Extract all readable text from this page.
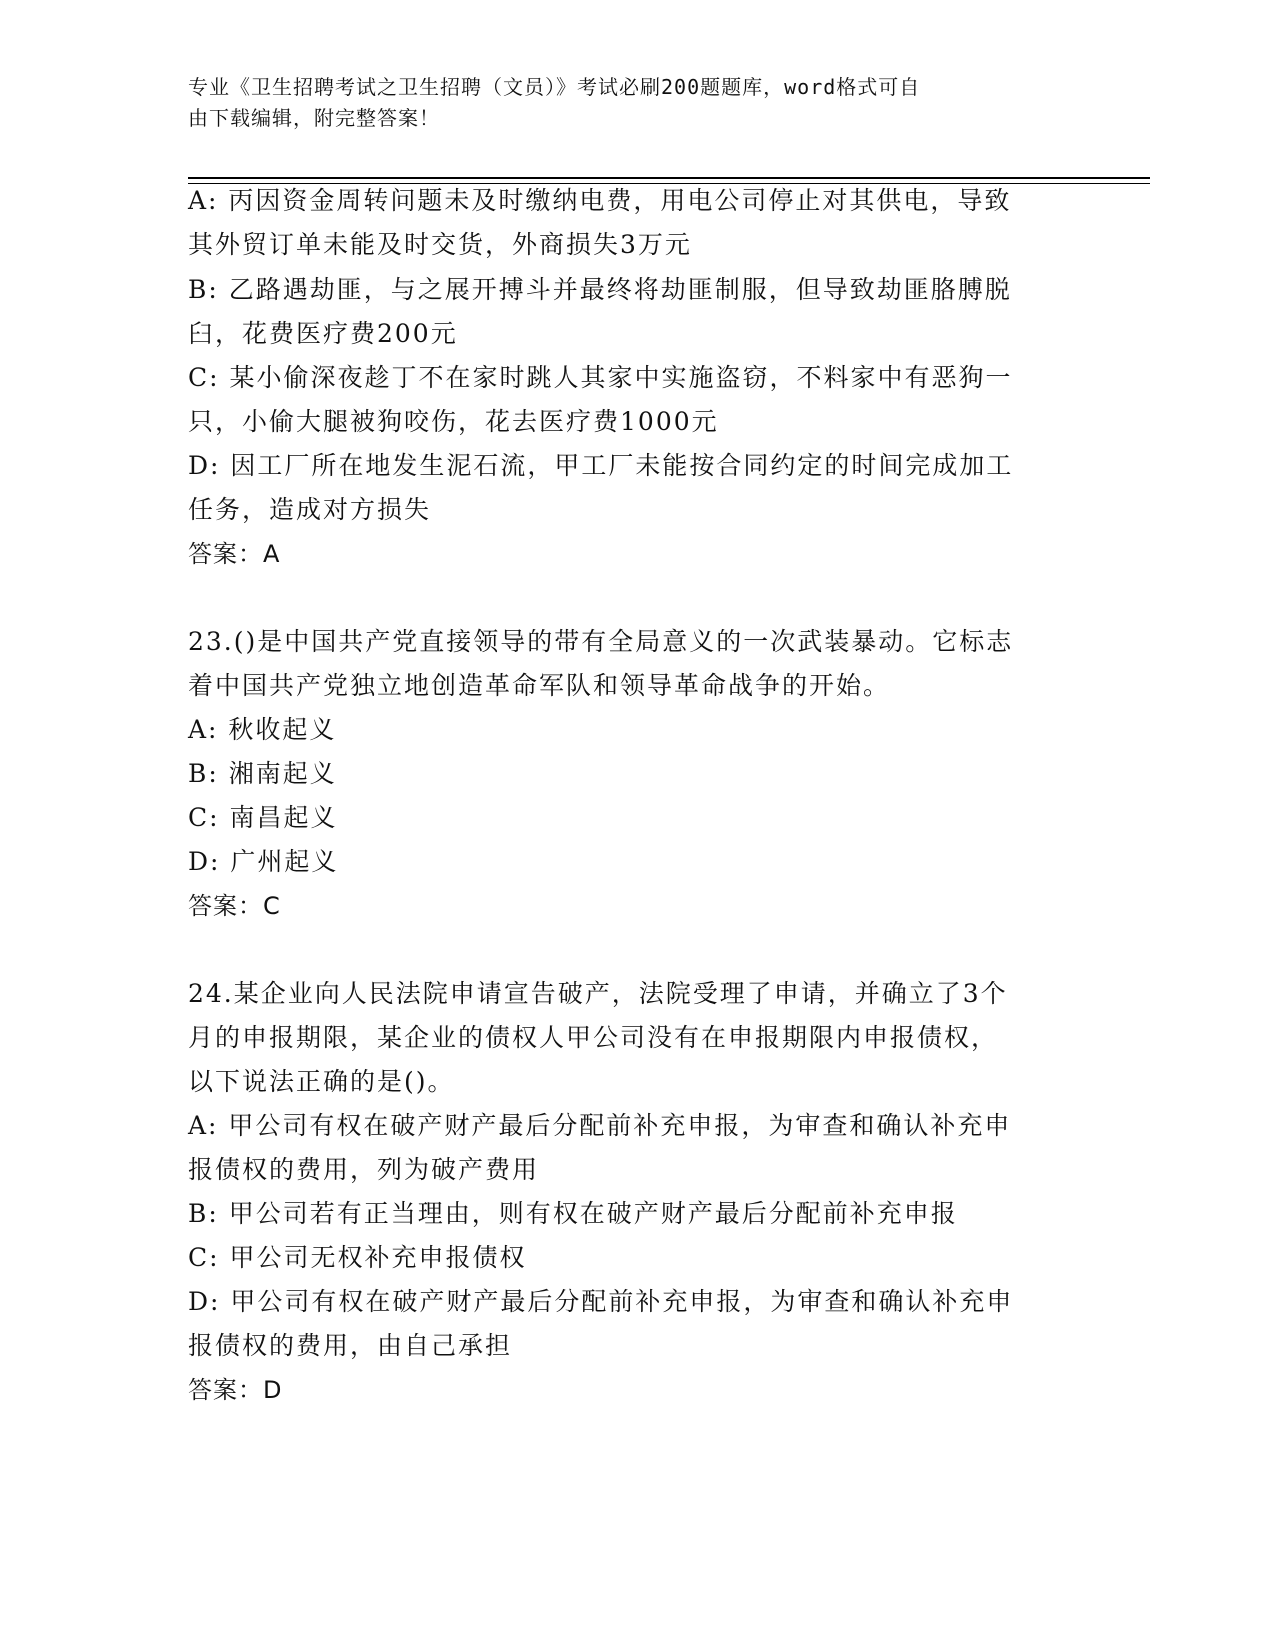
专业《卫生招聘考试之卫生招聘（文员）》考试必刷200题题库，word格式可自
由下载编辑，附完整答案！
A: 丙因资金周转问题未及时缴纳电费，用电公司停止对其供电，导致
其外贸订单未能及时交货，外商损失3万元
B: 乙路遇劫匪，与之展开搏斗并最终将劫匪制服，但导致劫匪胳膊脱
臼，花费医疗费200元
C: 某小偷深夜趁丁不在家时跳人其家中实施盗窃，不料家中有恶狗一
只，小偷大腿被狗咬伤，花去医疗费1000元
D: 因工厂所在地发生泥石流，甲工厂未能按合同约定的时间完成加工
任务，造成对方损失
答案：A
23.()是中国共产党直接领导的带有全局意义的一次武装暴动。它标志
着中国共产党独立地创造革命军队和领导革命战争的开始。
A: 秋收起义
B: 湘南起义
C: 南昌起义
D: 广州起义
答案：C
24.某企业向人民法院申请宣告破产，法院受理了申请，并确立了3个
月的申报期限，某企业的债权人甲公司没有在申报期限内申报债权，
以下说法正确的是()。
A: 甲公司有权在破产财产最后分配前补充申报，为审查和确认补充申
报债权的费用，列为破产费用
B: 甲公司若有正当理由，则有权在破产财产最后分配前补充申报
C: 甲公司无权补充申报债权
D: 甲公司有权在破产财产最后分配前补充申报，为审查和确认补充申
报债权的费用，由自己承担
答案：D
